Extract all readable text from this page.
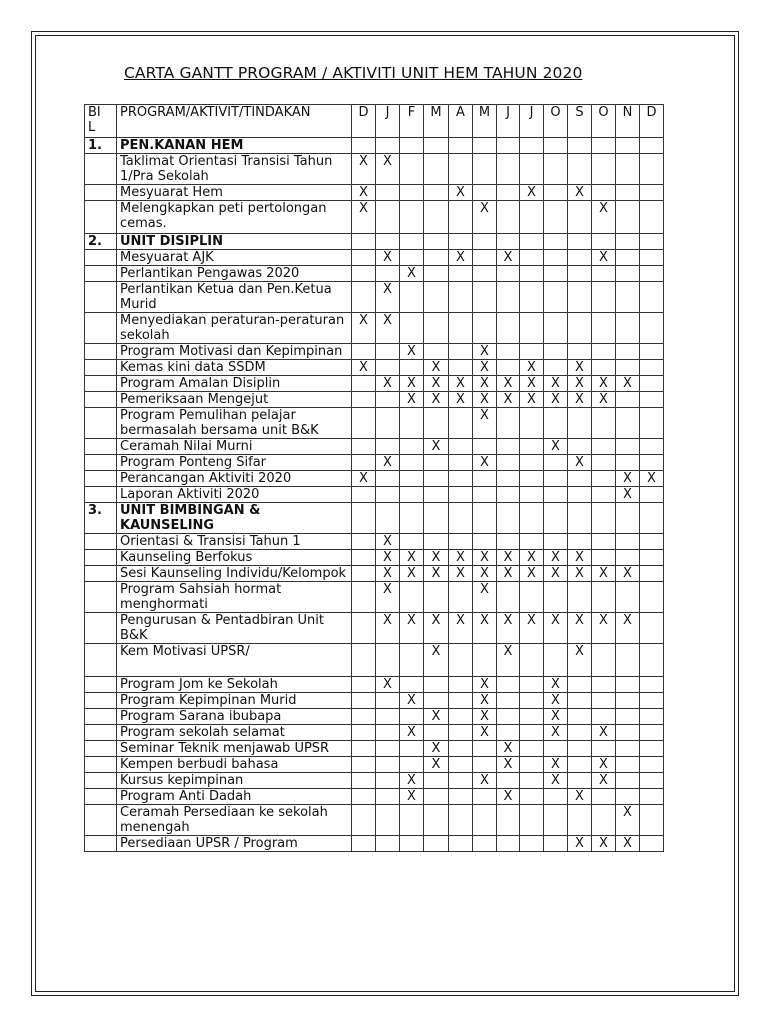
CARTA GANTT PROGRAM / AKTIVITI UNIT HEM TAHUN 2020
BI
L	PROGRAM/AKTIVIT/TINDAKAN	D	J	F	M	A	M	J	J	O	S	O	N	D
1.	PEN.KANAN HEM													
	Taklimat Orientasi Transisi Tahun 1/Pra Sekolah	X	X											
	Mesyuarat Hem	X				X			X		X			
	Melengkapkan peti pertolongan cemas.	X					X					X		
2.	UNIT DISIPLIN													
	Mesyuarat AJK		X			X		X				X		
	Perlantikan Pengawas 2020			X										
	Perlantikan Ketua dan Pen.Ketua Murid		X											
	Menyediakan peraturan-peraturan sekolah	X	X											
	Program Motivasi dan Kepimpinan			X			X							
	Kemas kini data SSDM	X			X		X		X		X			
	Program Amalan Disiplin		X	X	X	X	X	X	X	X	X	X	X	
	Pemeriksaan Mengejut			X	X	X	X	X	X	X	X	X		
	Program Pemulihan pelajar bermasalah bersama unit B&K						X							
	Ceramah Nilai Murni				X					X				
	Program Ponteng Sifar		X				X				X			
	Perancangan Aktiviti 2020	X											X	X
	Laporan Aktiviti 2020												X	
3.	UNIT BIMBINGAN & KAUNSELING													
	Orientasi & Transisi Tahun 1		X											
	Kaunseling Berfokus		X	X	X	X	X	X	X	X	X			
	Sesi Kaunseling Individu/Kelompok		X	X	X	X	X	X	X	X	X	X	X	
	Program Sahsiah hormat menghormati		X				X							
	Pengurusan & Pentadbiran Unit B&K		X	X	X	X	X	X	X	X	X	X	X	
	Kem Motivasi UPSR/				X			X			X			
	Program Jom ke Sekolah		X				X			X				
	Program Kepimpinan Murid			X			X			X				
	Program Sarana ibubapa				X		X			X				
	Program sekolah selamat			X			X			X		X		
	Seminar Teknik menjawab UPSR				X			X						
	Kempen berbudi bahasa				X			X		X		X		
	Kursus kepimpinan			X			X			X		X		
	Program Anti Dadah			X				X			X			
	Ceramah Persediaan ke sekolah menengah												X	
	Persediaan UPSR / Program										X	X	X	
